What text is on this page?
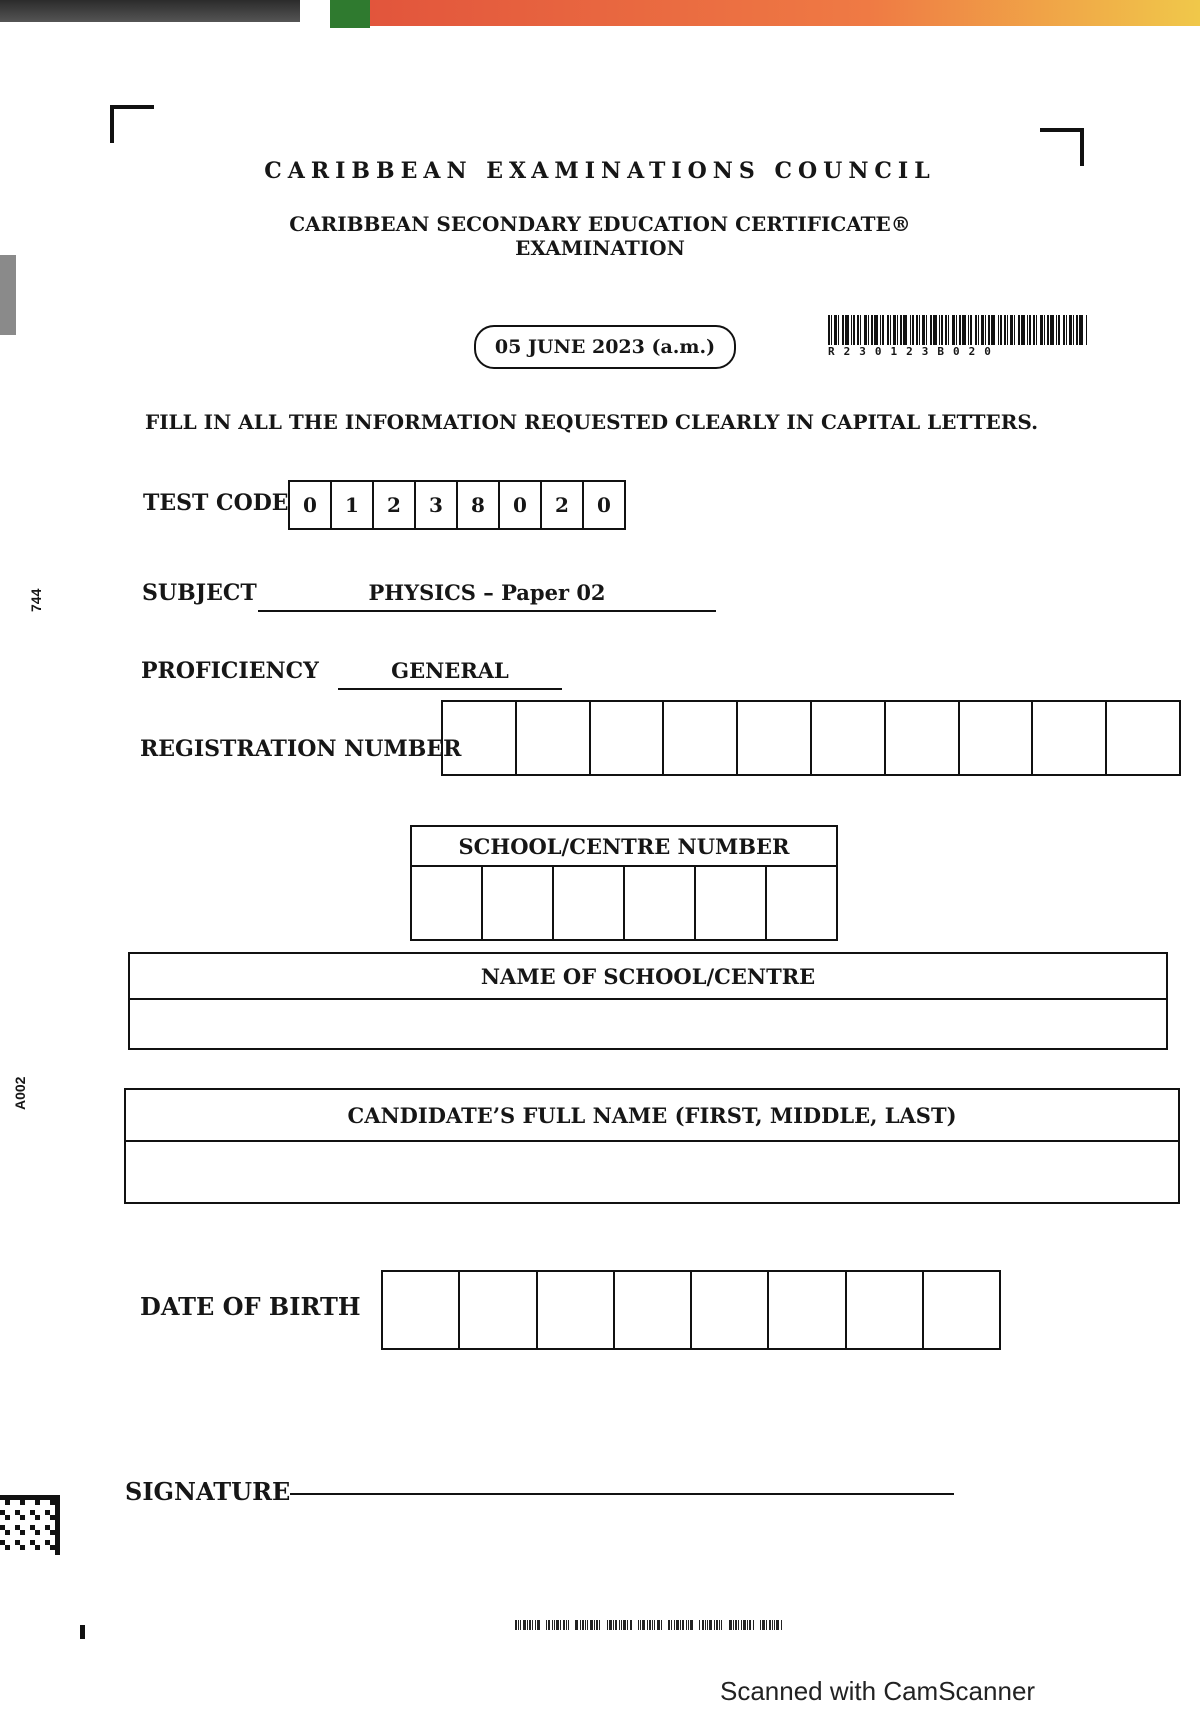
744
A002
CARIBBEAN EXAMINATIONS COUNCIL
CARIBBEAN SECONDARY EDUCATION CERTIFICATE®
EXAMINATION
05 JUNE 2023 (a.m.)	R230123B020
FILL IN ALL THE INFORMATION REQUESTED CLEARLY IN CAPITAL LETTERS.
TEST CODE 0	1	2	3	8	0	2	0
SUBJECT	PHYSICS – Paper 02
PROFICIENCY	GENERAL
REGISTRATION NUMBER
SCHOOL/CENTRE NUMBER
NAME OF SCHOOL/CENTRE
CANDIDATE’S FULL NAME (FIRST, MIDDLE, LAST)
DATE OF BIRTH
SIGNATURE
Scanned with CamScanner
